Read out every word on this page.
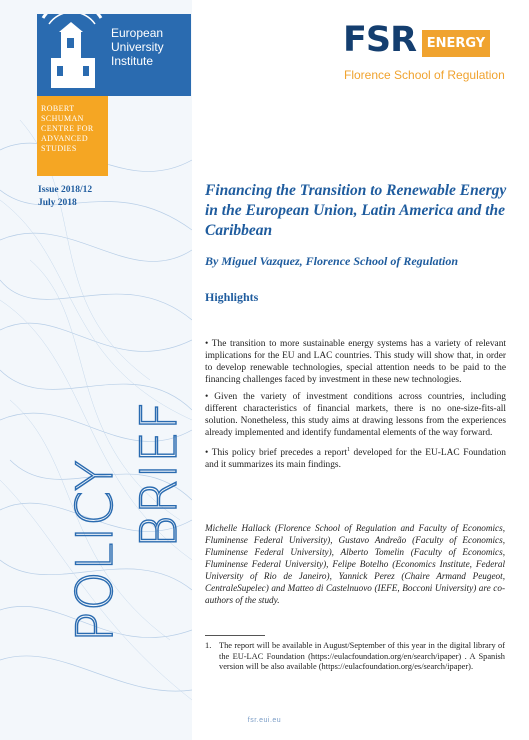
European
University
Institute
ROBERT
SCHUMAN
CENTRE FOR
ADVANCED
STUDIES
Issue 2018/12
July 2018
POLICY BRIEF
FSR ENERGY
Florence School of Regulation
Financing the Transition to Renewable Energy in the European Union, Latin America and the Caribbean

By Miguel Vazquez, Florence School of Regulation

Highlights
• The transition to more sustainable energy systems has a variety of relevant implications for the EU and LAC countries. This study will show that, in order to develop renewable technologies, special attention needs to be paid to the financing challenges faced by investment in these new technologies.
• Given the variety of investment conditions across countries, including different characteristics of financial markets, there is no one-size-fits-all solution. Nonetheless, this study aims at drawing lessons from the experiences already implemented and identify fundamental elements of the way forward.
• This policy brief precedes a report$^1$ developed for the EU-LAC Foundation and it summarizes its main findings.

Michelle Hallack (Florence School of Regulation and Faculty of Economics, Fluminense Federal University), Gustavo Andreão (Faculty of Economics, Fluminense Federal University), Alberto Tomelin (Faculty of Economics, Fluminense Federal University), Felipe Botelho (Economics Institute, Federal University of Rio de Janeiro), Yannick Perez (Chaire Armand Peugeot, CentraleSupelec) and Matteo di Castelnuovo (IEFE, Bocconi University) are co-authors of the study.

1. The report will be available in August/September of this year in the digital library of the EU-LAC Foundation (https://eulacfoundation.org/en/search/ipaper) . A Spanish version will be also available (https://eulacfoundation.org/es/search/ipaper).

fsr.eui.eu
